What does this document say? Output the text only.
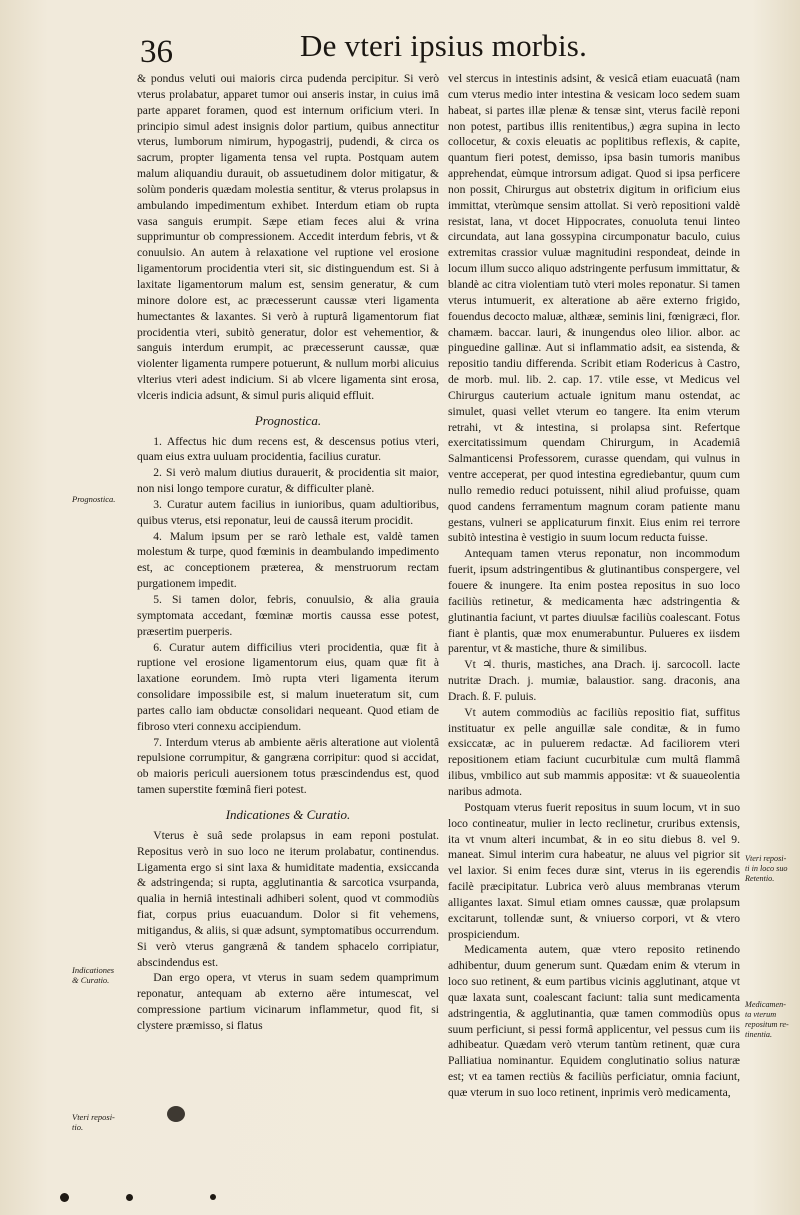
36	De vteri ipsius morbis.

& pondus veluti oui maioris circa pudenda percipitur. Si verò vterus prolabatur, apparet tumor oui anseris instar, in cuius imâ parte apparet foramen, quod est internum orificium vteri. In principio simul adest insignis dolor partium, quibus annectitur vterus, lumborum nimirum, hypogastrij, pudendi, & circa os sacrum, propter ligamenta tensa vel rupta. Postquam autem malum aliquandiu durauit, ob assuetudinem dolor mitigatur, & solùm ponderis quædam molestia sentitur, & vterus prolapsus in ambulando impedimentum exhibet. Interdum etiam ob rupta vasa sanguis erumpit. Sæpe etiam feces alui & vrina supprimuntur ob compressionem. Accedit interdum febris, vt & conuulsio. An autem à relaxatione vel ruptione vel erosione ligamentorum procidentia vteri sit, sic distinguendum est. Si à laxitate ligamentorum malum est, sensim generatur, & cum minore dolore est, ac præcesserunt caussæ vteri ligamenta humectantes & laxantes. Si verò à rupturâ ligamentorum fiat procidentia vteri, subitò generatur, dolor est vehementior, & sanguis interdum erumpit, ac præcesserunt caussæ, quæ violenter ligamenta rumpere potuerunt, & nullum morbi alicuius vlterius vteri adest indicium. Si ab vlcere ligamenta sint erosa, vlceris indicia adsunt, & simul puris aliquid effluit.

Prognostica.

1. Affectus hic dum recens est, & descensus potius vteri, quam eius extra uuluam procidentia, facilius curatur.

2. Si verò malum diutius durauerit, & procidentia sit maior, non nisi longo tempore curatur, & difficulter planè.

3. Curatur autem facilius in iunioribus, quam adultioribus, quibus vterus, etsi reponatur, leui de caussâ iterum procidit.

4. Malum ipsum per se rarò lethale est, valdè tamen molestum & turpe, quod fœminis in deambulando impedimento est, ac conceptionem præterea, & menstruorum rectam purgationem impedit.

5. Si tamen dolor, febris, conuulsio, & alia grauia symptomata accedant, fœminæ mortis caussa esse potest, præsertim puerperis.

6. Curatur autem difficilius vteri procidentia, quæ fit à ruptione vel erosione ligamentorum eius, quam quæ fit à laxatione eorundem. Imò rupta vteri ligamenta iterum consolidare impossibile est, si malum inueteratum sit, cum partes callo iam obductæ consolidari nequeant. Quod etiam de fibroso vteri connexu accipiendum.

7. Interdum vterus ab ambiente aëris alteratione aut violentâ repulsione corrumpitur, & gangræna corripitur: quod si accidat, ob maioris periculi auersionem totus præscindendus est, quod tamen superstite fœminâ fieri potest.

Indicationes & Curatio.

Vterus è suâ sede prolapsus in eam reponi postulat. Repositus verò in suo loco ne iterum prolabatur, continendus. Ligamenta ergo si sint laxa & humiditate madentia, exsiccanda & adstringenda; si rupta, agglutinantia & sarcotica vsurpanda, qualia in herniâ intestinali adhiberi solent, quod vt commodiùs fiat, corpus prius euacuandum. Dolor si fit vehemens, mitigandus, & aliis, si quæ adsunt, symptomatibus occurrendum. Si verò vterus gangrænâ & tandem sphacelo corripiatur, abscindendus est.

Dan ergo opera, vt vterus in suam sedem quamprimum reponatur, antequam ab externo aëre intumescat, vel compressione partium vicinarum inflammetur, quod fit, si clystere præmisso, si flatus

vel stercus in intestinis adsint, & vesicâ etiam euacuatâ (nam cum vterus medio inter intestina & vesicam loco sedem suam habeat, si partes illæ plenæ & tensæ sint, vterus facilè reponi non potest, partibus illis renitentibus,) ægra supina in lecto collocetur, & coxis eleuatis ac poplitibus reflexis, & capite, quantum fieri potest, demisso, ipsa basin tumoris manibus apprehendat, eùmque introrsum adigat. Quod si ipsa perficere non possit, Chirurgus aut obstetrix digitum in orificium eius immittat, vterùmque sensim attollat. Si verò repositioni valdè resistat, lana, vt docet Hippocrates, conuoluta tenui linteo circundata, aut lana gossypina circumponatur baculo, cuius extremitas crassior vuluæ magnitudini respondeat, deinde in locum illum succo aliquo adstringente perfusum immittatur, & blandè ac citra violentiam tutò vteri moles reponatur. Si tamen vterus intumuerit, ex alteratione ab aëre externo frigido, fouendus decocto maluæ, althææ, seminis lini, fœnigræci, flor. chamæm. baccar. lauri, & inungendus oleo lilior. albor. ac pinguedine gallinæ. Aut si inflammatio adsit, ea sistenda, & repositio tandiu differenda. Scribit etiam Rodericus à Castro, de morb. mul. lib. 2. cap. 17. vtile esse, vt Medicus vel Chirurgus cauterium actuale ignitum manu ostendat, ac simulet, quasi vellet vterum eo tangere. Ita enim vterum retrahi, vt & intestina, si prolapsa sint. Refertque exercitatissimum quendam Chirurgum, in Academiâ Salmanticensi Professorem, curasse quendam, qui vulnus in ventre acceperat, per quod intestina egrediebantur, quum cum nullo remedio reduci potuissent, nihil aliud profuisse, quam quod candens ferramentum magnum coram patiente manu gestans, vulneri se applicaturum finxit. Eius enim rei terrore subitò intestina è vestigio in suum locum reducta fuisse.

Antequam tamen vterus reponatur, non incommodum fuerit, ipsum adstringentibus & glutinantibus conspergere, vel fouere & inungere. Ita enim postea repositus in suo loco faciliùs retinetur, & medicamenta hæc adstringentia & glutinantia faciunt, vt partes diuulsæ faciliùs coalescant. Fotus fiant è plantis, quæ mox enumerabuntur. Pulueres ex iisdem parentur, vt & mastiche, thure & similibus.

Vt ♃. thuris, mastiches, ana Drach. ij. sarcocoll. lacte nutritæ Drach. j. mumiæ, balaustior. sang. draconis, ana Drach. ß. F. puluis.

Vt autem commodiùs ac faciliùs repositio fiat, suffitus instituatur ex pelle anguillæ sale conditæ, & in fumo exsiccatæ, ac in puluerem redactæ. Ad faciliorem vteri repositionem etiam faciunt cucurbitulæ cum multâ flammâ ilibus, vmbilico aut sub mammis appositæ: vt & suaueolentia naribus admota.

Postquam vterus fuerit repositus in suum locum, vt in suo loco contineatur, mulier in lecto reclinetur, cruribus extensis, ita vt vnum alteri incumbat, & in eo situ diebus 8. vel 9. maneat. Simul interim cura habeatur, ne aluus vel pigrior sit vel laxior. Si enim feces duræ sint, vterus in iis egerendis facilè præcipitatur. Lubrica verò aluus membranas vterum alligantes laxat. Simul etiam omnes caussæ, quæ prolapsum excitarunt, tollendæ sunt, & vniuerso corpori, vt & vtero prospiciendum.

Medicamenta autem, quæ vtero reposito retinendo adhibentur, duum generum sunt. Quædam enim & vterum in loco suo retinent, & eum partibus vicinis agglutinant, atque vt quæ laxata sunt, coalescant faciunt: talia sunt medicamenta adstringentia, & agglutinantia, quæ tamen commodiùs opus suum perficiunt, si pessi formâ applicentur, vel pessus cum iis adhibeatur. Quædam verò vterum tantùm retinent, quæ cura Palliatiua nominantur. Equidem conglutinatio solius naturæ est; vt ea tamen rectiùs & faciliùs perficiatur, omnia faciunt, quæ vterum in suo loco retinent, inprimis verò medicamenta,

Prognostica.
Indicationes
& Curatio.
Vteri reposi-
tio.
Vteri reposi-
ti in loco suo
Retentio.
Medicamen-
ta vterum
repositum re-
tinentia.
